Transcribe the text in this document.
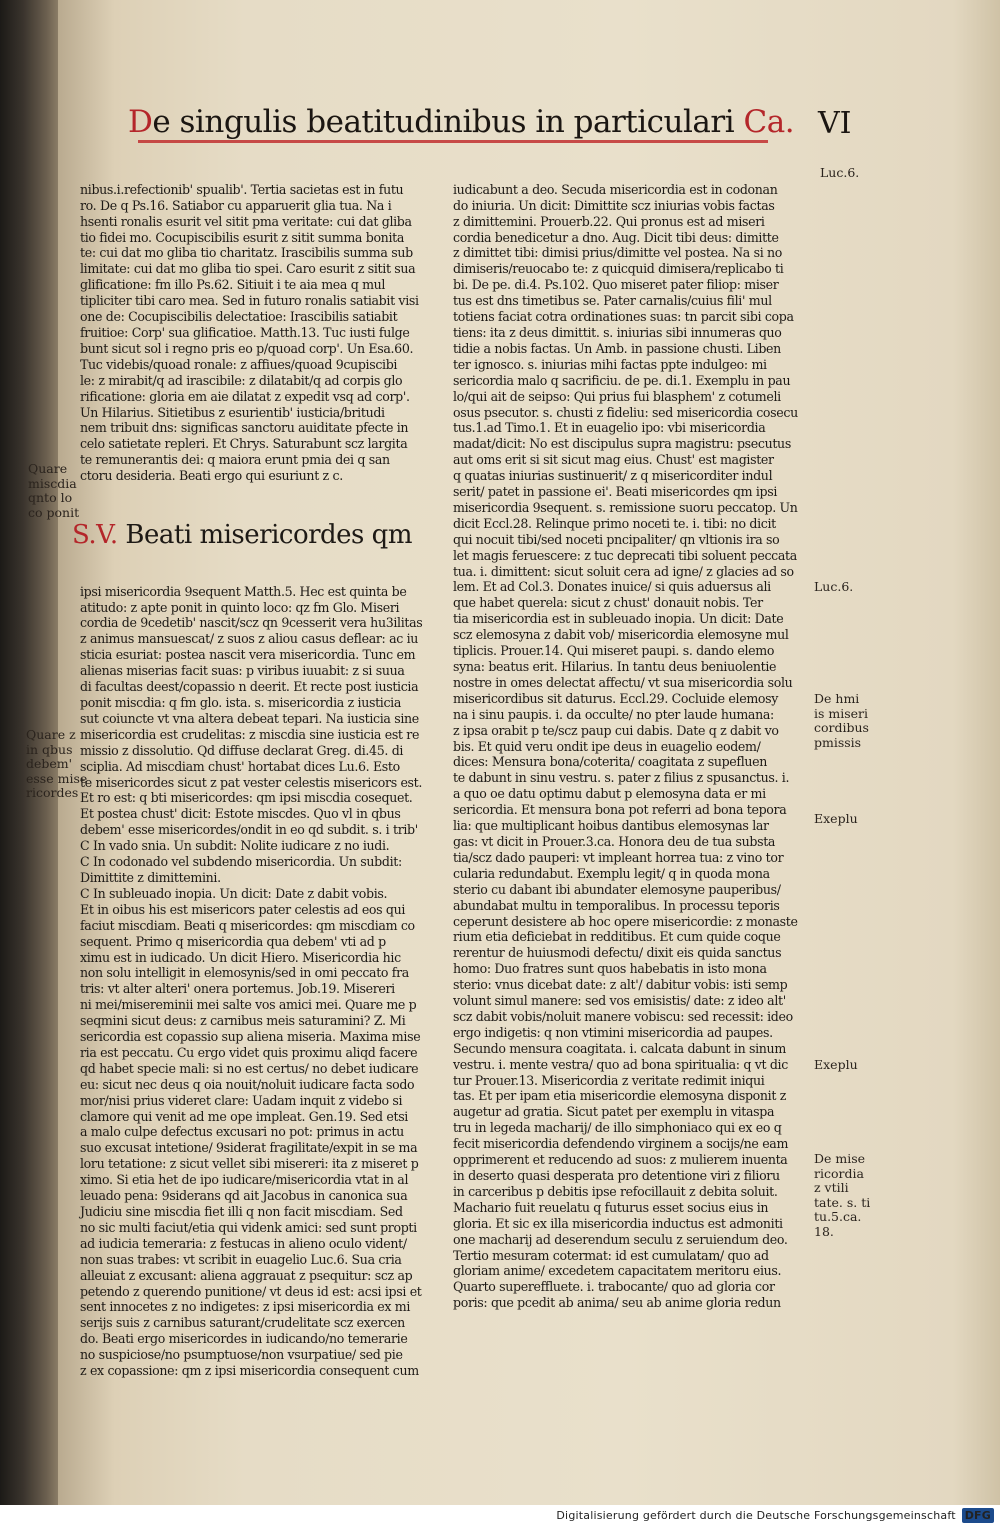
De singulis beatitudinibus in particulari Ca. VI

nibus.i.refectionib' spualib'. Tertia sacietas est in futu
ro. De q Ps.16. Satiabor cu apparuerit glia tua. Na i
hsenti ronalis esurit vel sitit pma veritate: cui dat gliba
tio fidei mo. Cocupiscibilis esurit z sitit summa bonita
te: cui dat mo gliba tio charitatz. Irascibilis summa sub
limitate: cui dat mo gliba tio spei. Caro esurit z sitit sua
glificatione: fm illo Ps.62. Sitiuit i te aia mea q mul
tipliciter tibi caro mea. Sed in futuro ronalis satiabit visi
one de: Cocupiscibilis delectatioe: Irascibilis satiabit
fruitioe: Corp' sua glificatioe. Matth.13. Tuc iusti fulge
bunt sicut sol i regno pris eo p/quoad corp'. Un Esa.60.
Tuc videbis/quoad ronale: z affiues/quoad 9cupiscibi
le: z mirabit/q ad irascibile: z dilatabit/q ad corpis glo
rificatione: gloria em aie dilatat z expedit vsq ad corp'.
Un Hilarius. Sitietibus z esurientib' iusticia/britudi
nem tribuit dns: significas sanctoru auiditate pfecte in
celo satietate repleri. Et Chrys. Saturabunt scz largita
te remunerantis dei: q maiora erunt pmia dei q san
ctoru desideria. Beati ergo qui esuriunt z c.

S.V. Beati misericordes qm

ipsi misericordia 9sequent Matth.5. Hec est quinta be
atitudo: z apte ponit in quinto loco: qz fm Glo. Miseri
cordia de 9cedetib' nascit/scz qn 9cesserit vera hu3ilitas
z animus mansuescat/ z suos z aliou casus deflear: ac iu
sticia esuriat: postea nascit vera misericordia. Tunc em
alienas miserias facit suas: p viribus iuuabit: z si suua
di facultas deest/copassio n deerit. Et recte post iusticia
ponit miscdia: q fm glo. ista. s. misericordia z iusticia
sut coiuncte vt vna altera debeat tepari. Na iusticia sine
misericordia est crudelitas: z miscdia sine iusticia est re
missio z dissolutio. Qd diffuse declarat Greg. di.45. di
sciplia. Ad miscdiam chust' hortabat dices Lu.6. Esto
te misericordes sicut z pat vester celestis misericors est.
Et ro est: q bti misericordes: qm ipsi miscdia cosequet.
Et postea chust' dicit: Estote miscdes. Quo vl in qbus
debem' esse misericordes/ondit in eo qd subdit. s. i trib'
C In vado snia. Un subdit: Nolite iudicare z no iudi.
C In codonado vel subdendo misericordia. Un subdit:
Dimittite z dimittemini.
C In subleuado inopia. Un dicit: Date z dabit vobis.
Et in oibus his est misericors pater celestis ad eos qui
faciut miscdiam. Beati q misericordes: qm miscdiam co
sequent. Primo q misericordia qua debem' vti ad p
ximu est in iudicado. Un dicit Hiero. Misericordia hic
non solu intelligit in elemosynis/sed in omi peccato fra
tris: vt alter alteri' onera portemus. Job.19. Misereri
ni mei/misereminii mei salte vos amici mei. Quare me p
seqmini sicut deus: z carnibus meis saturamini? Z. Mi
sericordia est copassio sup aliena miseria. Maxima mise
ria est peccatu. Cu ergo videt quis proximu aliqd facere
qd habet specie mali: si no est certus/ no debet iudicare
eu: sicut nec deus q oia nouit/noluit iudicare facta sodo
mor/nisi prius videret clare: Uadam inquit z videbo si
clamore qui venit ad me ope impleat. Gen.19. Sed etsi
a malo culpe defectus excusari no pot: primus in actu
suo excusat intetione/ 9siderat fragilitate/expit in se ma
loru tetatione: z sicut vellet sibi misereri: ita z miseret p
ximo. Si etia het de ipo iudicare/misericordia vtat in al
leuado pena: 9siderans qd ait Jacobus in canonica sua
Judiciu sine miscdia fiet illi q non facit miscdiam. Sed
no sic multi faciut/etia qui videnk amici: sed sunt propti
ad iudicia temeraria: z festucas in alieno oculo vident/
non suas trabes: vt scribit in euagelio Luc.6. Sua cria
alleuiat z excusant: aliena aggrauat z psequitur: scz ap
petendo z querendo punitione/ vt deus id est: acsi ipsi et
sent innocetes z no indigetes: z ipsi misericordia ex mi
serijs suis z carnibus saturant/crudelitate scz exercen
do. Beati ergo misericordes in iudicando/no temerarie
no suspiciose/no psumptuose/non vsurpatiue/ sed pie
z ex copassione: qm z ipsi misericordia consequent cum

iudicabunt a deo. Secuda misericordia est in codonan
do iniuria. Un dicit: Dimittite scz iniurias vobis factas
z dimittemini. Prouerb.22. Qui pronus est ad miseri
cordia benedicetur a dno. Aug. Dicit tibi deus: dimitte
z dimittet tibi: dimisi prius/dimitte vel postea. Na si no
dimiseris/reuocabo te: z quicquid dimisera/replicabo ti
bi. De pe. di.4. Ps.102. Quo miseret pater filiop: miser
tus est dns timetibus se. Pater carnalis/cuius fili' mul
totiens faciat cotra ordinationes suas: tn parcit sibi copa
tiens: ita z deus dimittit. s. iniurias sibi innumeras quo
tidie a nobis factas. Un Amb. in passione chusti. Liben
ter ignosco. s. iniurias mihi factas ppte indulgeo: mi
sericordia malo q sacrificiu. de pe. di.1. Exemplu in pau
lo/qui ait de seipso: Qui prius fui blasphem' z cotumeli
osus psecutor. s. chusti z fideliu: sed misericordia cosecu
tus.1.ad Timo.1. Et in euagelio ipo: vbi misericordia
madat/dicit: No est discipulus supra magistru: psecutus
aut oms erit si sit sicut mag eius. Chust' est magister
q quatas iniurias sustinuerit/ z q misericorditer indul
serit/ patet in passione ei'. Beati misericordes qm ipsi
misericordia 9sequent. s. remissione suoru peccatop. Un
dicit Eccl.28. Relinque primo noceti te. i. tibi: no dicit
qui nocuit tibi/sed noceti pncipaliter/ qn vltionis ira so
let magis feruescere: z tuc deprecati tibi soluent peccata
tua. i. dimittent: sicut soluit cera ad igne/ z glacies ad so
lem. Et ad Col.3. Donates inuice/ si quis aduersus ali
que habet querela: sicut z chust' donauit nobis. Ter
tia misericordia est in subleuado inopia. Un dicit: Date
scz elemosyna z dabit vob/ misericordia elemosyne mul
tiplicis. Prouer.14. Qui miseret paupi. s. dando elemo
syna: beatus erit. Hilarius. In tantu deus beniuolentie
nostre in omes delectat affectu/ vt sua misericordia solu
misericordibus sit daturus. Eccl.29. Cocluide elemosy
na i sinu paupis. i. da occulte/ no pter laude humana:
z ipsa orabit p te/scz paup cui dabis. Date q z dabit vo
bis. Et quid veru ondit ipe deus in euagelio eodem/
dices: Mensura bona/coterita/ coagitata z supefluen
te dabunt in sinu vestru. s. pater z filius z spusanctus. i.
a quo oe datu optimu dabut p elemosyna data er mi
sericordia. Et mensura bona pot referri ad bona tepora
lia: que multiplicant hoibus dantibus elemosynas lar
gas: vt dicit in Prouer.3.ca. Honora deu de tua substa
tia/scz dado pauperi: vt impleant horrea tua: z vino tor
cularia redundabut. Exemplu legit/ q in quoda mona
sterio cu dabant ibi abundater elemosyne pauperibus/
abundabat multu in temporalibus. In processu teporis
ceperunt desistere ab hoc opere misericordie: z monaste
rium etia deficiebat in redditibus. Et cum quide coque
rerentur de huiusmodi defectu/ dixit eis quida sanctus
homo: Duo fratres sunt quos habebatis in isto mona
sterio: vnus dicebat date: z alt'/ dabitur vobis: isti semp
volunt simul manere: sed vos emisistis/ date: z ideo alt'
scz dabit vobis/noluit manere vobiscu: sed recessit: ideo
ergo indigetis: q non vtimini misericordia ad paupes.
Secundo mensura coagitata. i. calcata dabunt in sinum
vestru. i. mente vestra/ quo ad bona spiritualia: q vt dic
tur Prouer.13. Misericordia z veritate redimit iniqui
tas. Et per ipam etia misericordie elemosyna disponit z
augetur ad gratia. Sicut patet per exemplu in vitaspa
tru in legeda macharij/ de illo simphoniaco qui ex eo q
fecit misericordia defendendo virginem a socijs/ne eam
opprimerent et reducendo ad suos: z mulierem inuenta
in deserto quasi desperata pro detentione viri z filioru
in carceribus p debitis ipse refocillauit z debita soluit.
Machario fuit reuelatu q futurus esset socius eius in
gloria. Et sic ex illa misericordia inductus est admoniti
one macharij ad deserendum seculu z seruiendum deo.
Tertio mesuram cotermat: id est cumulatam/ quo ad
gloriam anime/ excedetem capacitatem meritoru eius.
Quarto supereffluete. i. trabocante/ quo ad gloria cor
poris: que pcedit ab anima/ seu ab anime gloria redun

Quare
miscdia
qnto lo
co ponit
Quare z
in qbus
debem'
esse mise
ricordes
Luc.6.
Luc.6.
De hmi
is miseri
cordibus
pmissis
Exeplu
Exeplu
De mise
ricordia
z vtili
tate. s. ti
tu.5.ca.
18.
Digitalisierung gefördert durch die Deutsche Forschungsgemeinschaft DFG
